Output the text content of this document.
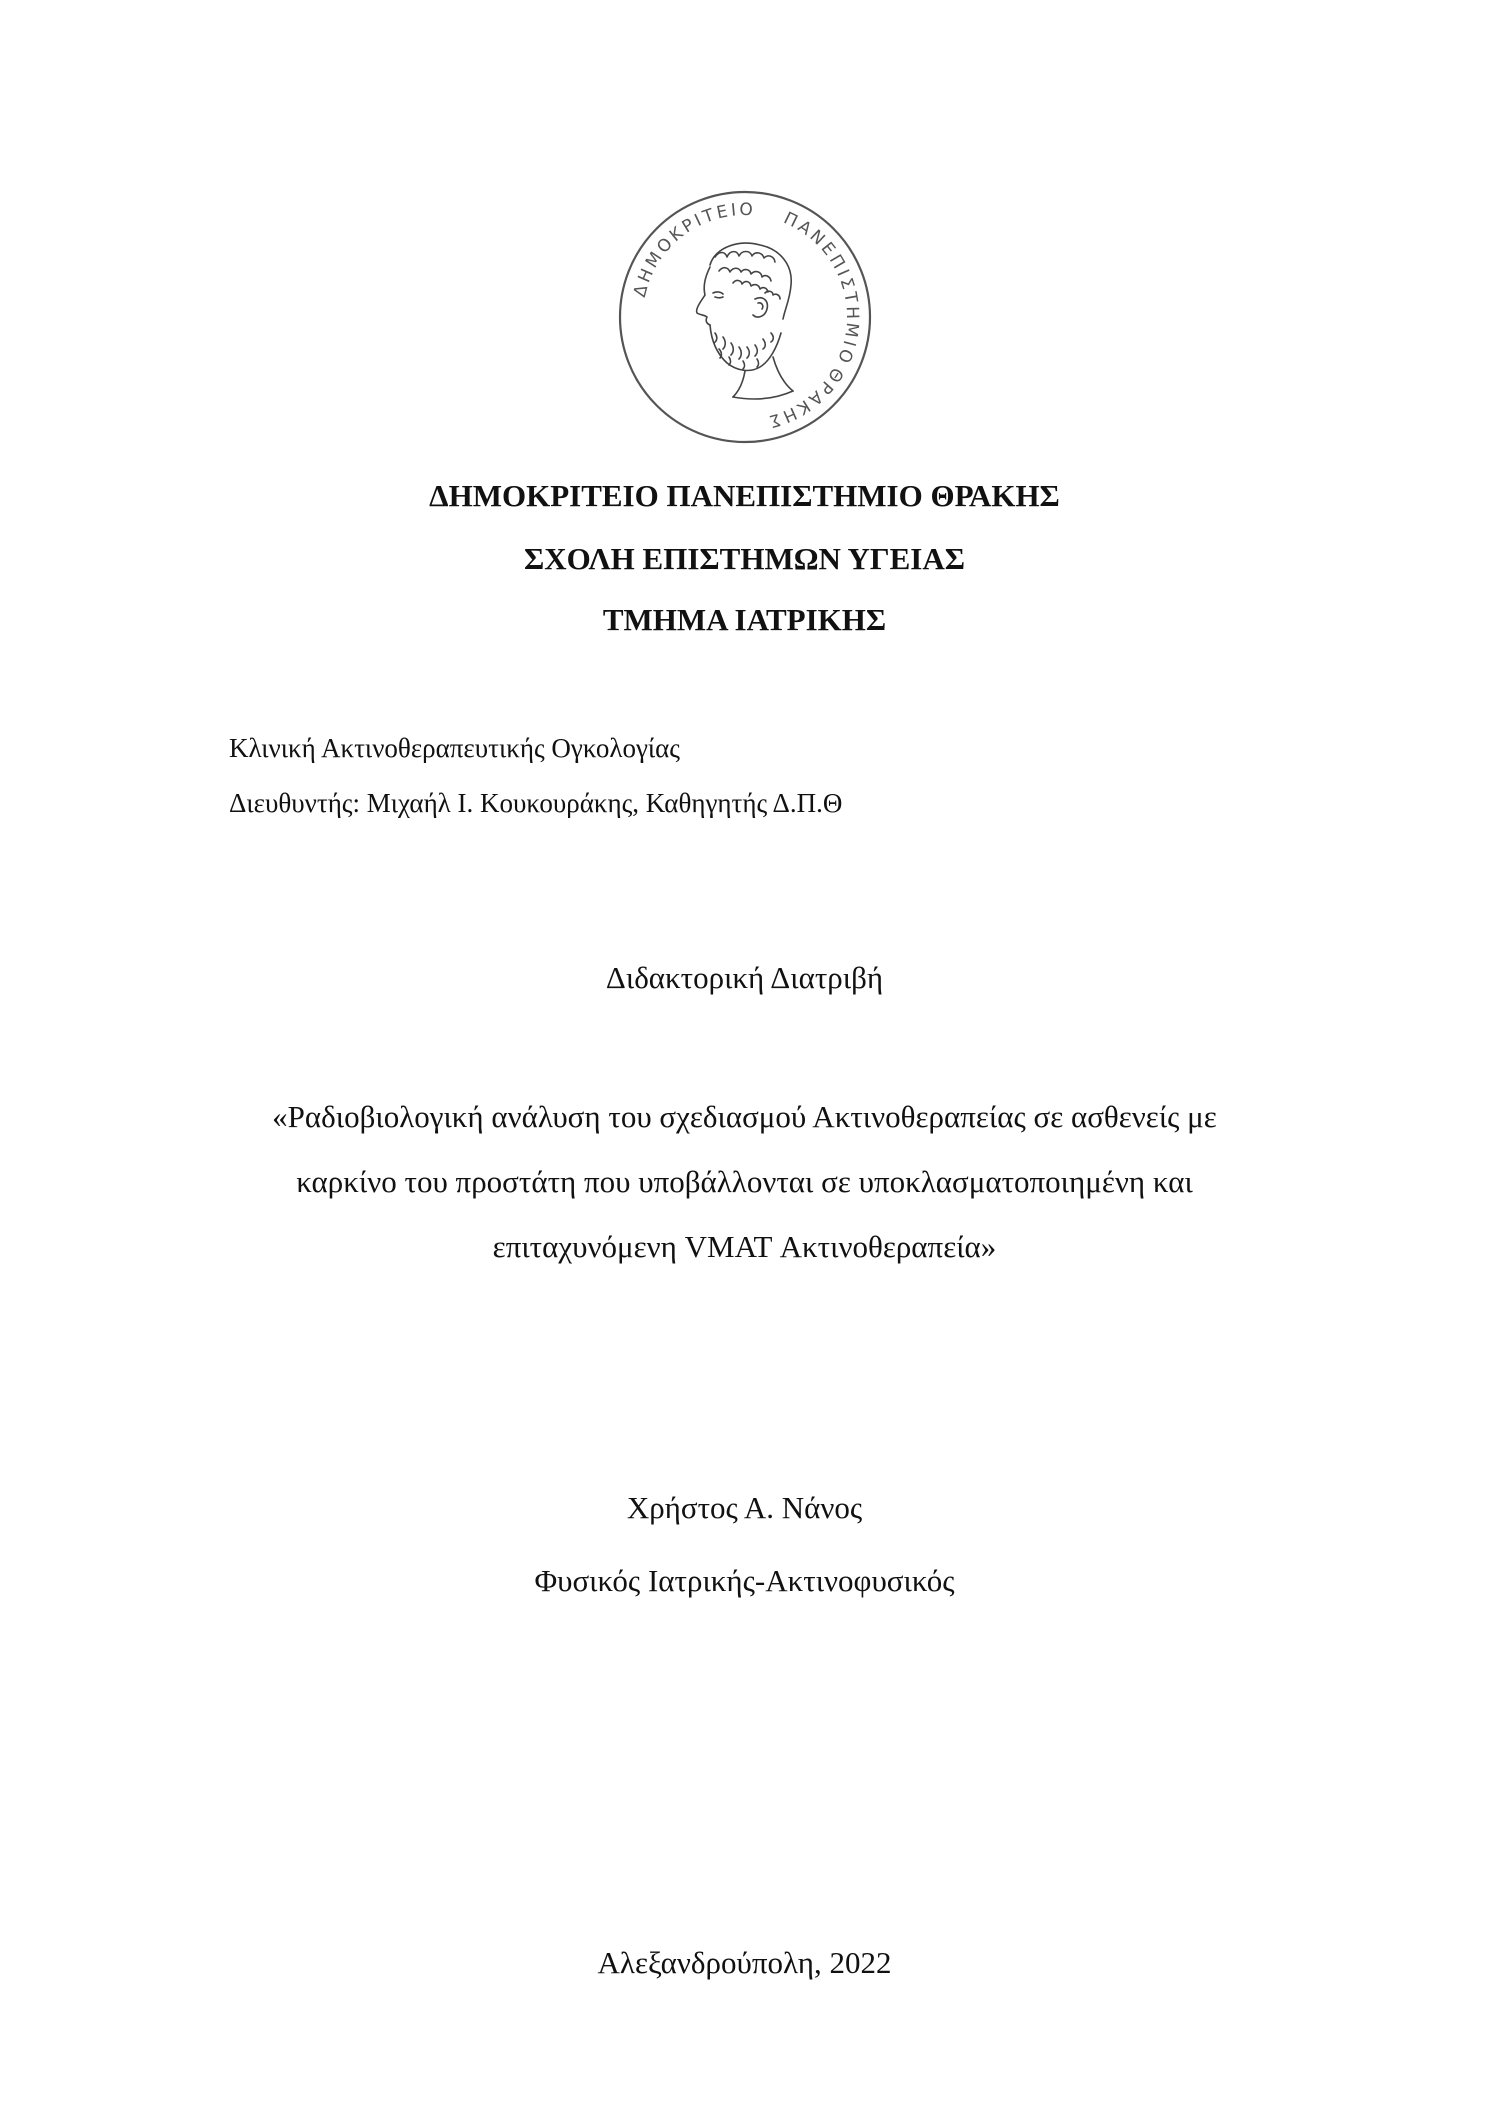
ΠΑΝΕΠΙΣΤΗΜΙΟ
ΔΗΜΟΚΡΙΤΕΙΟ
ΘΡΑΚΗΣ
ΔΗΜΟΚΡΙΤΕΙΟ ΠΑΝΕΠΙΣΤΗΜΙΟ ΘΡΑΚΗΣ
ΣΧΟΛΗ ΕΠΙΣΤΗΜΩΝ ΥΓΕΙΑΣ
ΤΜΗΜΑ ΙΑΤΡΙΚΗΣ
Κλινική Ακτινοθεραπευτικής Ογκολογίας
Διευθυντής: Μιχαήλ Ι. Κουκουράκης, Καθηγητής Δ.Π.Θ
Διδακτορική Διατριβή
«Ραδιοβιολογική ανάλυση του σχεδιασμού Ακτινοθεραπείας σε ασθενείς με
καρκίνο του προστάτη που υποβάλλονται σε υποκλασματοποιημένη και
επιταχυνόμενη VMAT Ακτινοθεραπεία»
Χρήστος Α. Νάνος
Φυσικός Ιατρικής-Ακτινοφυσικός
Αλεξανδρούπολη, 2022
